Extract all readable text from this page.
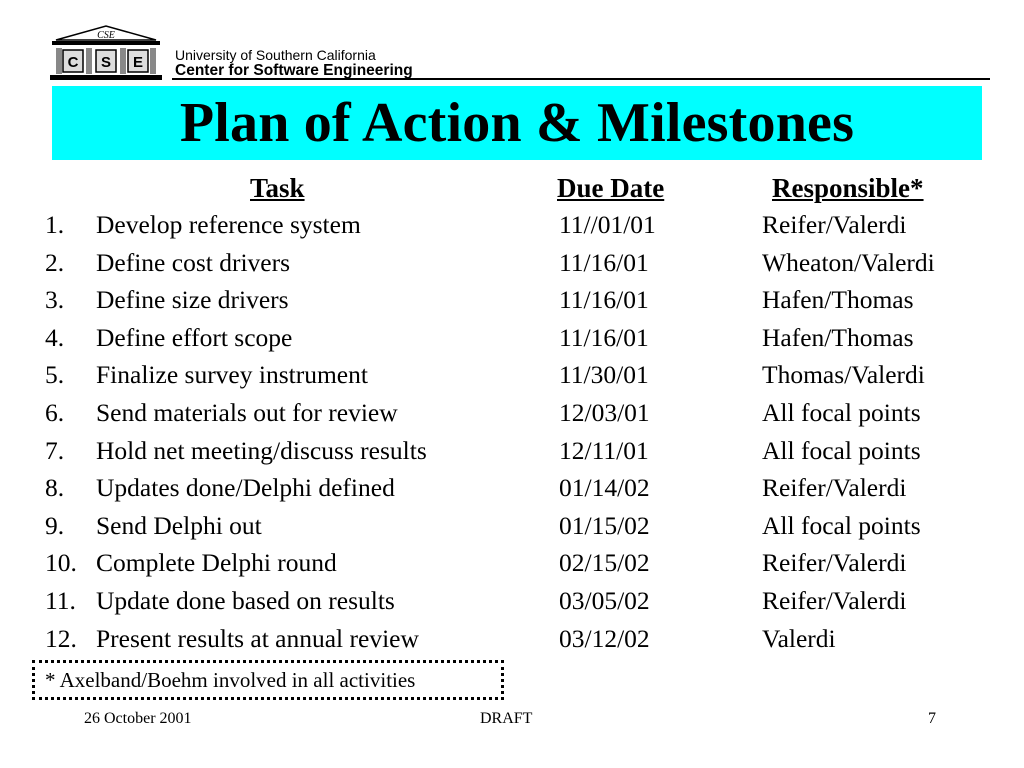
CSE
C S E University of Southern California
Center for Software Engineering
Plan of Action & Milestones
Task	Due Date	Responsible*
1. Develop reference system	11//01/01	Reifer/Valerdi
2. Define cost drivers	11/16/01	Wheaton/Valerdi
3. Define size drivers	11/16/01	Hafen/Thomas
4. Define effort scope	11/16/01	Hafen/Thomas
5. Finalize survey instrument	11/30/01	Thomas/Valerdi
6. Send materials out for review	12/03/01	All focal points
7. Hold net meeting/discuss results	12/11/01	All focal points
8. Updates done/Delphi defined	01/14/02	Reifer/Valerdi
9. Send Delphi out	01/15/02	All focal points
10. Complete Delphi round	02/15/02	Reifer/Valerdi
11. Update done based on results	03/05/02	Reifer/Valerdi
12. Present results at annual review	03/12/02	Valerdi
* Axelband/Boehm involved in all activities
26 October 2001	DRAFT	7
